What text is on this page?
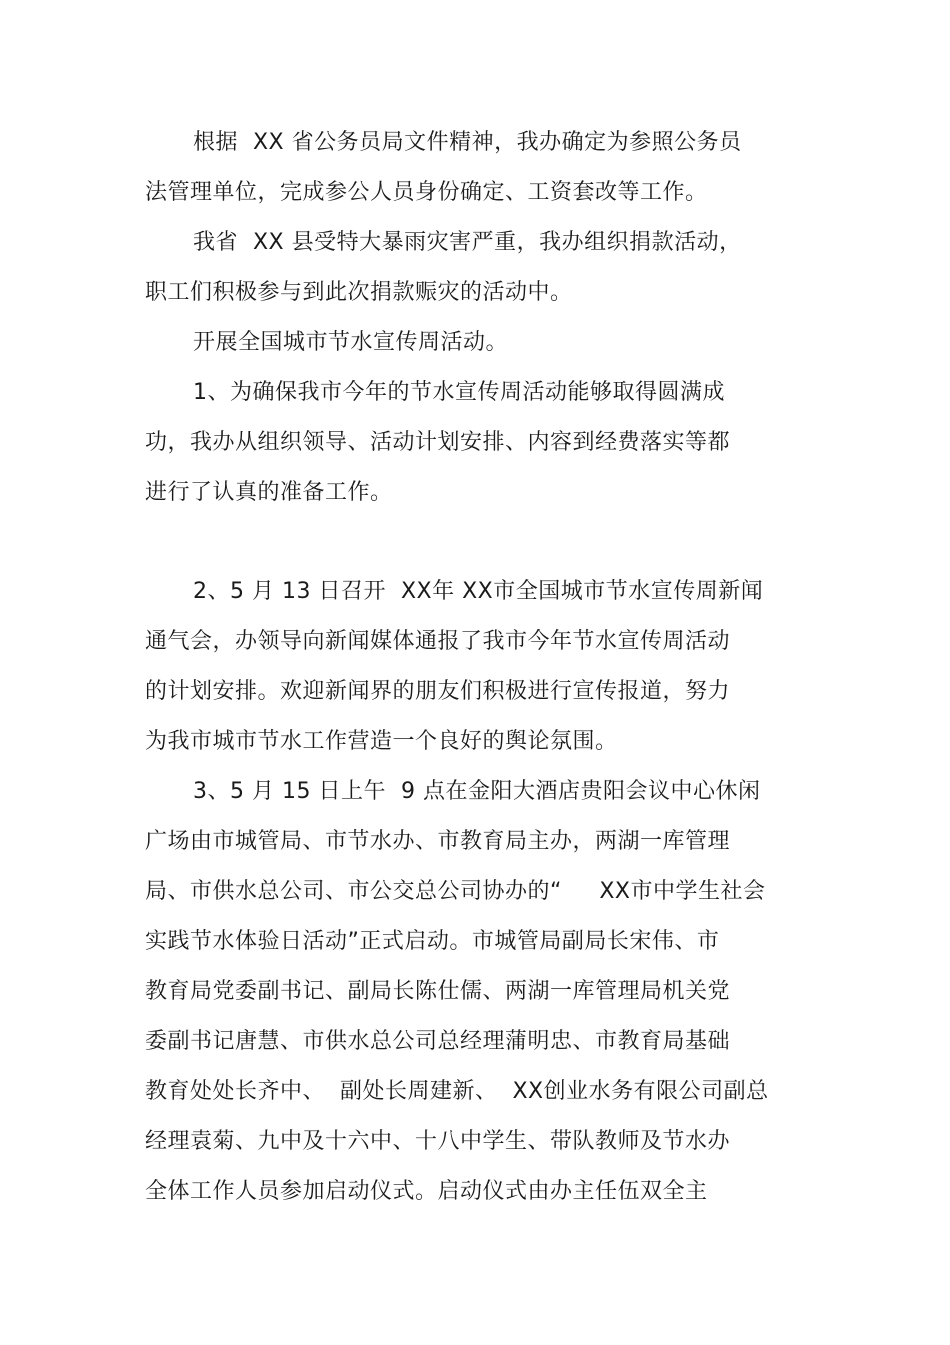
根据  XX 省公务员局文件精神，我办确定为参照公务员

法管理单位，完成参公人员身份确定、工资套改等工作。

我省  XX 县受特大暴雨灾害严重，我办组织捐款活动，

职工们积极参与到此次捐款赈灾的活动中。

开展全国城市节水宣传周活动。

1、为确保我市今年的节水宣传周活动能够取得圆满成

功，我办从组织领导、活动计划安排、内容到经费落实等都

进行了认真的准备工作。

2、5 月 13 日召开  XX年 XX市全国城市节水宣传周新闻

通气会，办领导向新闻媒体通报了我市今年节水宣传周活动

的计划安排。欢迎新闻界的朋友们积极进行宣传报道，努力

为我市城市节水工作营造一个良好的舆论氛围。

3、5 月 15 日上午  9 点在金阳大酒店贵阳会议中心休闲

广场由市城管局、市节水办、市教育局主办，两湖一库管理

局、市供水总公司、市公交总公司协办的“     XX市中学生社会

实践节水体验日活动”正式启动。市城管局副局长宋伟、市

教育局党委副书记、副局长陈仕儒、两湖一库管理局机关党

委副书记唐慧、市供水总公司总经理蒲明忠、市教育局基础

教育处处长齐中、  副处长周建新、  XX创业水务有限公司副总

经理袁菊、九中及十六中、十八中学生、带队教师及节水办

全体工作人员参加启动仪式。启动仪式由办主任伍双全主
